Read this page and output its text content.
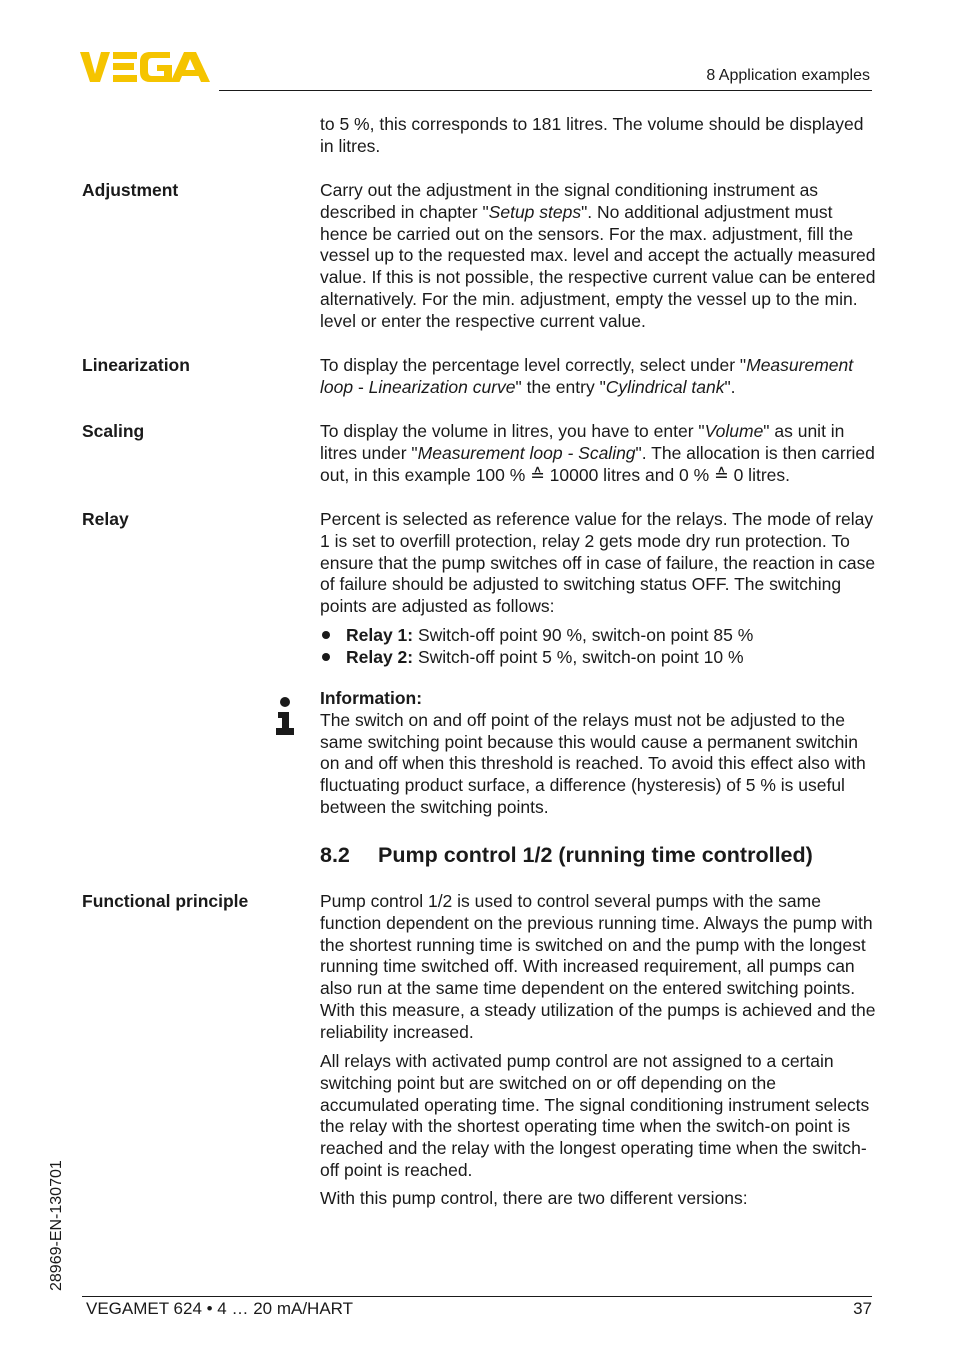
8 Application examples

to 5 %, this corresponds to 181 litres. The volume should be displayed in litres.

Adjustment	Carry out the adjustment in the signal conditioning instrument as described in chapter "Setup steps". No additional adjustment must hence be carried out on the sensors. For the max. adjustment, fill the vessel up to the requested max. level and accept the actually measured value. If this is not possible, the respective current value can be entered alternatively. For the min. adjustment, empty the vessel up to the min. level or enter the respective current value.

Linearization	To display the percentage level correctly, select under "Measurement loop - Linearization curve" the entry "Cylindrical tank".

Scaling	To display the volume in litres, you have to enter "Volume" as unit in litres under "Measurement loop - Scaling". The allocation is then carried out, in this example 100 % ≙ 10000 litres and 0 % ≙ 0 litres.

Relay	Percent is selected as reference value for the relays. The mode of relay 1 is set to overfill protection, relay 2 gets mode dry run protection. To ensure that the pump switches off in case of failure, the reaction in case of failure should be adjusted to switching status OFF. The switching points are adjusted as follows:

Relay 1: Switch-off point 90 %, switch-on point 85 %
Relay 2: Switch-off point 5 %, switch-on point 10 %

Information:

The switch on and off point of the relays must not be adjusted to the same switching point because this would cause a permanent switchin on and off when this threshold is reached. To avoid this effect also with fluctuating product surface, a difference (hysteresis) of 5 % is useful between the switching points.

8.2 Pump control 1/2 (running time controlled)
Functional principle	Pump control 1/2 is used to control several pumps with the same function dependent on the previous running time. Always the pump with the shortest running time is switched on and the pump with the longest running time switched off. With increased requirement, all pumps can also run at the same time dependent on the entered switching points. With this measure, a steady utilization of the pumps is achieved and the reliability increased.

All relays with activated pump control are not assigned to a certain switching point but are switched on or off depending on the accumulated operating time. The signal conditioning instrument selects the relay with the shortest operating time when the switch-on point is reached and the relay with the longest operating time when the switch-off point is reached.

With this pump control, there are two different versions:

28969-EN-130701
VEGAMET 624 • 4 … 20 mA/HART	37
